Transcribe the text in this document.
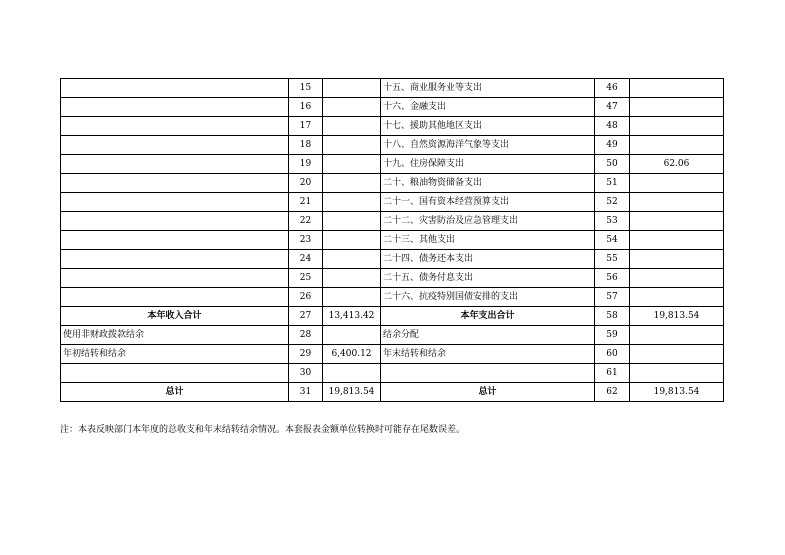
	15		十五、商业服务业等支出	46	
	16		十六、金融支出	47	
	17		十七、援助其他地区支出	48	
	18		十八、自然资源海洋气象等支出	49	
	19		十九、住房保障支出	50	62.06
	20		二十、粮油物资储备支出	51	
	21		二十一、国有资本经营预算支出	52	
	22		二十二、灾害防治及应急管理支出	53	
	23		二十三、其他支出	54	
	24		二十四、债务还本支出	55	
	25		二十五、债务付息支出	56	
	26		二十六、抗疫特别国债安排的支出	57	
本年收入合计	27	13,413.42	本年支出合计	58	19,813.54
使用非财政拨款结余	28		结余分配	59	
年初结转和结余	29	6,400.12	年末结转和结余	60	
	30			61	
总计	31	19,813.54	总计	62	19,813.54
注：本表反映部门本年度的总收支和年末结转结余情况。本套报表金额单位转换时可能存在尾数误差。
